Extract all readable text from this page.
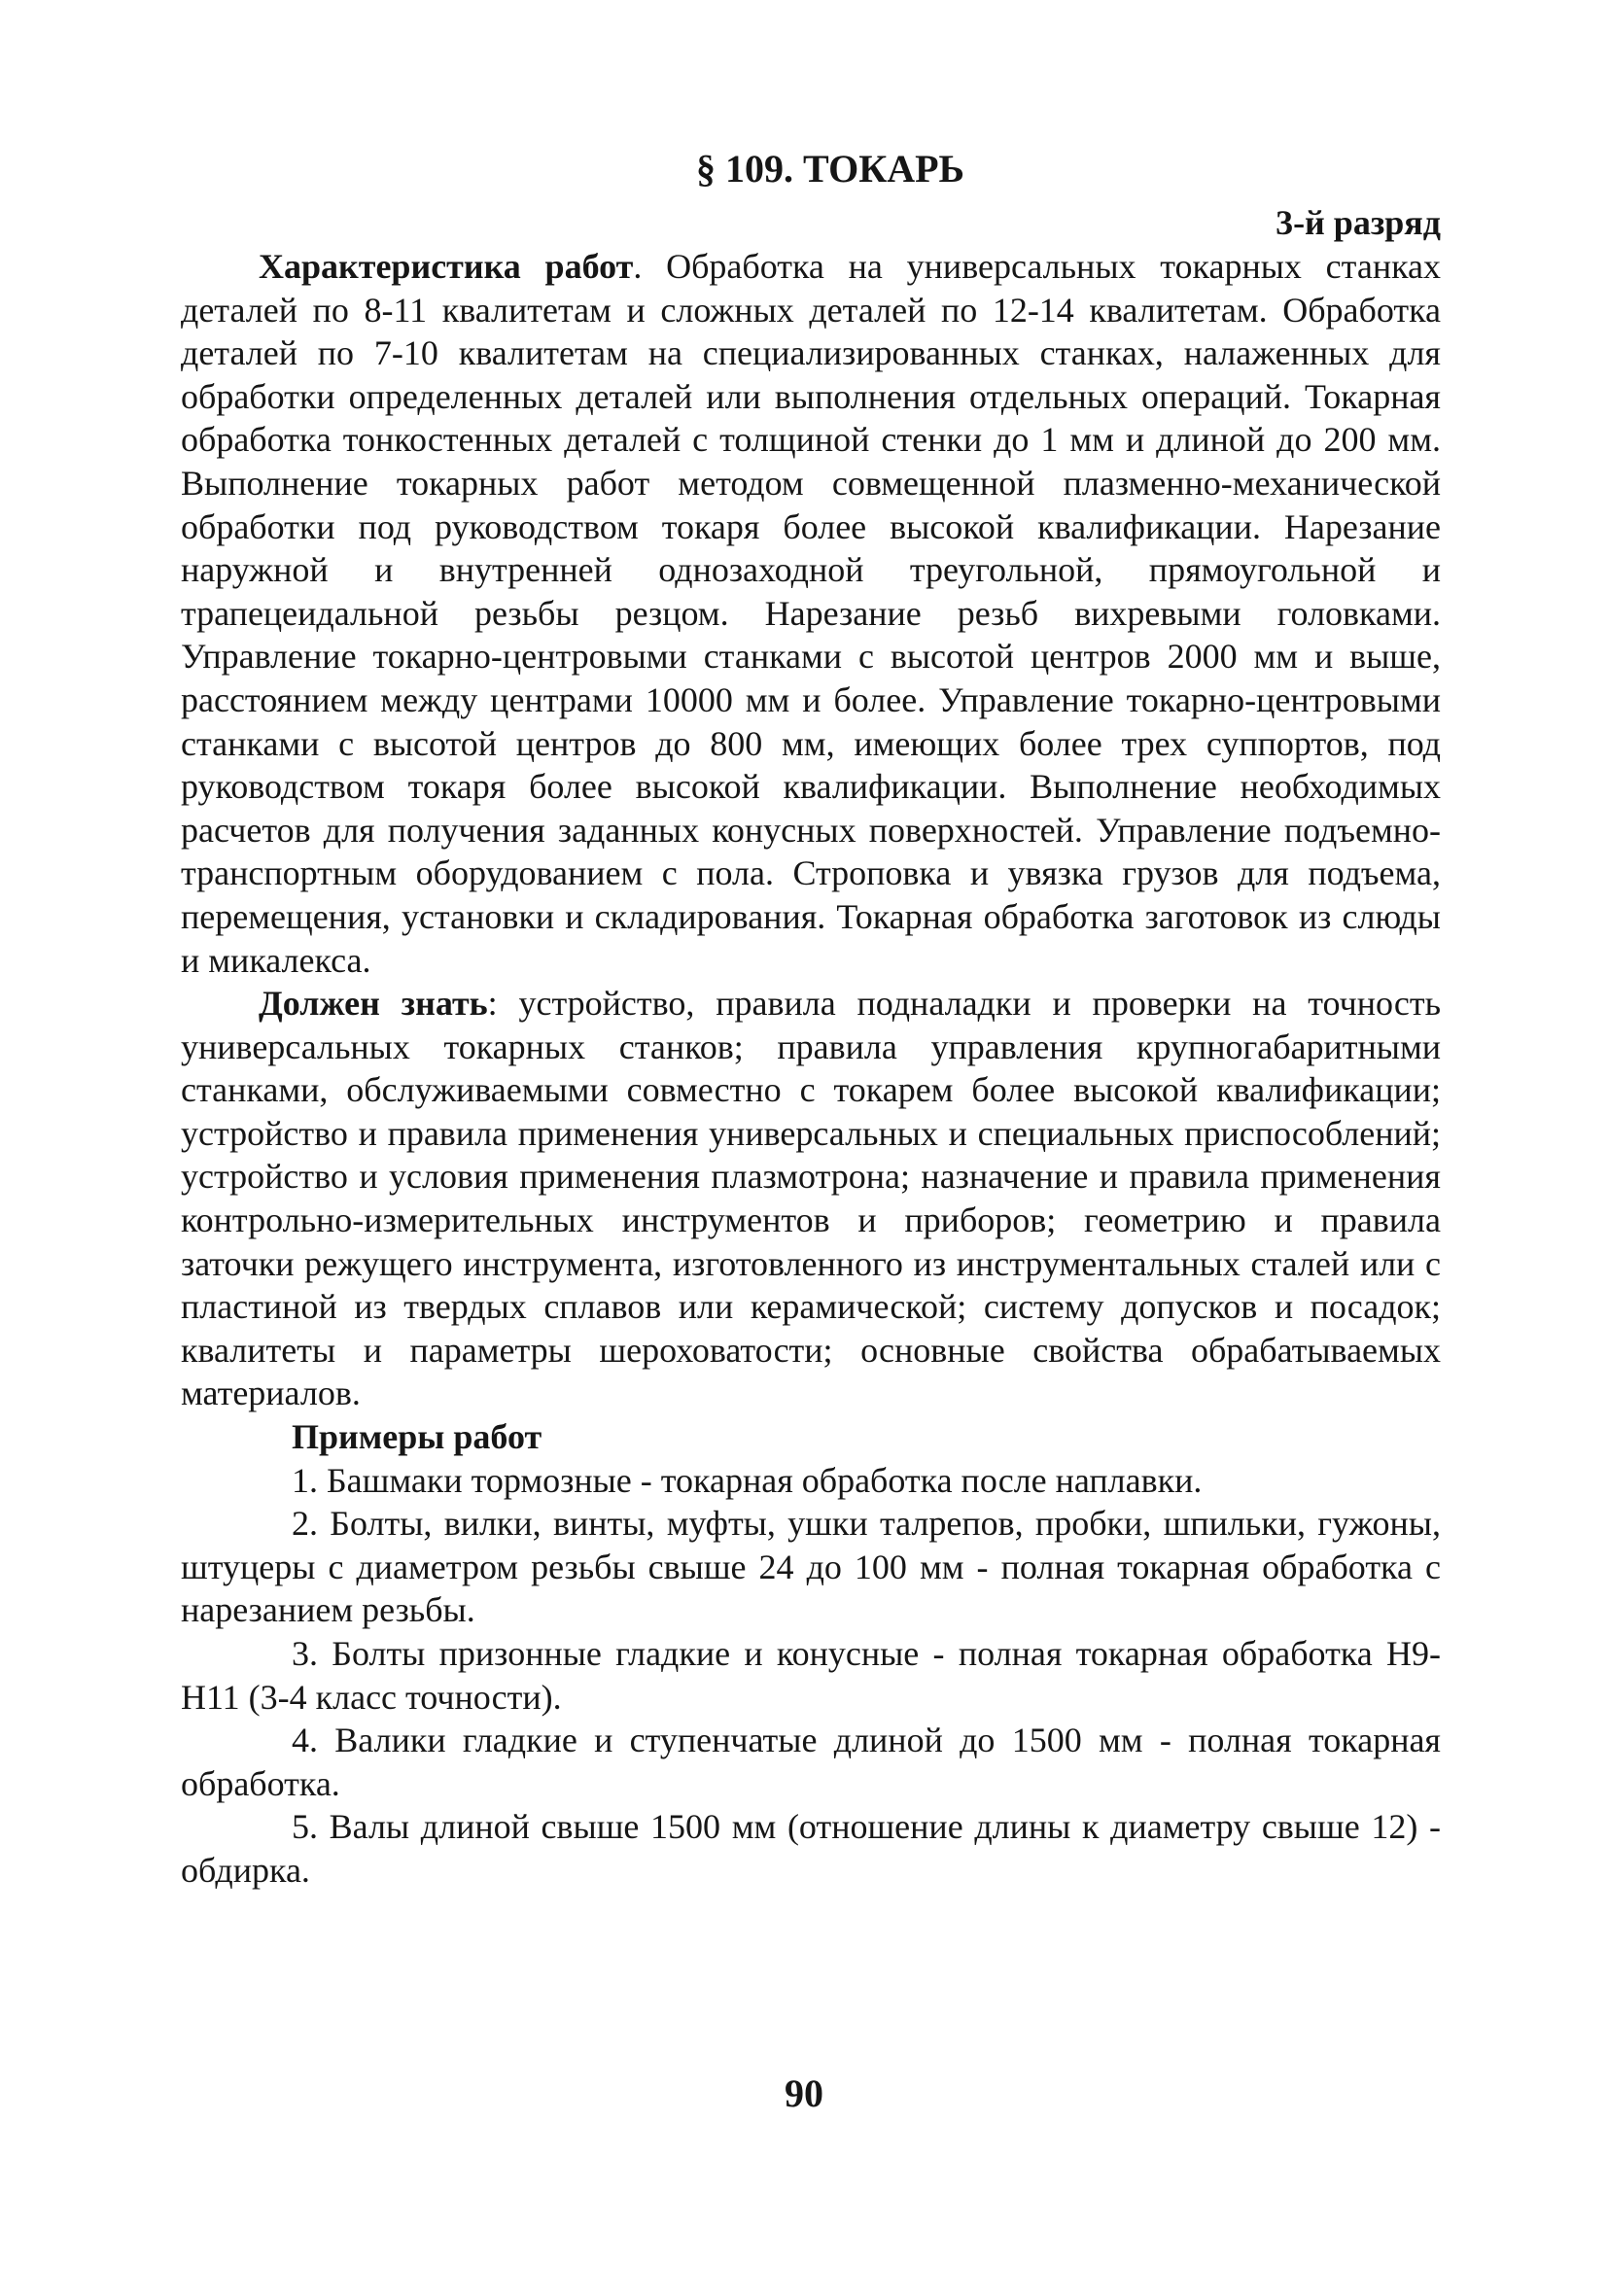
§ 109. ТОКАРЬ
3-й разряд

Характеристика работ. Обработка на универсальных токарных станках деталей по 8-11 квалитетам и сложных деталей по 12-14 квалитетам. Обработка деталей по 7-10 квалитетам на специализированных станках, налаженных для обработки определенных деталей или выполнения отдельных операций. Токарная обработка тонкостенных деталей с толщиной стенки до 1 мм и длиной до 200 мм. Выполнение токарных работ методом совмещенной плазменно-механической обработки под руководством токаря более высокой квалификации. Нарезание наружной и внутренней однозаходной треугольной, прямоугольной и трапецеидальной резьбы резцом. Нарезание резьб вихревыми головками. Управление токарно-центровыми станками с высотой центров 2000 мм и выше, расстоянием между центрами 10000 мм и более. Управление токарно-центровыми станками с высотой центров до 800 мм, имеющих более трех суппортов, под руководством токаря более высокой квалификации. Выполнение необходимых расчетов для получения заданных конусных поверхностей. Управление подъемно-транспортным оборудованием с пола. Строповка и увязка грузов для подъема, перемещения, установки и складирования. Токарная обработка заготовок из слюды и микалекса.

Должен знать: устройство, правила подналадки и проверки на точность универсальных токарных станков; правила управления крупногабаритными станками, обслуживаемыми совместно с токарем более высокой квалификации; устройство и правила применения универсальных и специальных приспособлений; устройство и условия применения плазмотрона; назначение и правила применения контрольно-измерительных инструментов и приборов; геометрию и правила заточки режущего инструмента, изготовленного из инструментальных сталей или с пластиной из твердых сплавов или керамической; систему допусков и посадок; квалитеты и параметры шероховатости; основные свойства обрабатываемых материалов.

Примеры работ
1. Башмаки тормозные - токарная обработка после наплавки.
2. Болты, вилки, винты, муфты, ушки талрепов, пробки, шпильки, гужоны, штуцеры с диаметром резьбы свыше 24 до 100 мм - полная токарная обработка с нарезанием резьбы.
3. Болты призонные гладкие и конусные - полная токарная обработка H9-H11 (3-4 класс точности).
4. Валики гладкие и ступенчатые длиной до 1500 мм - полная токарная обработка.
5. Валы длиной свыше 1500 мм (отношение длины к диаметру свыше 12) - обдирка.
90
